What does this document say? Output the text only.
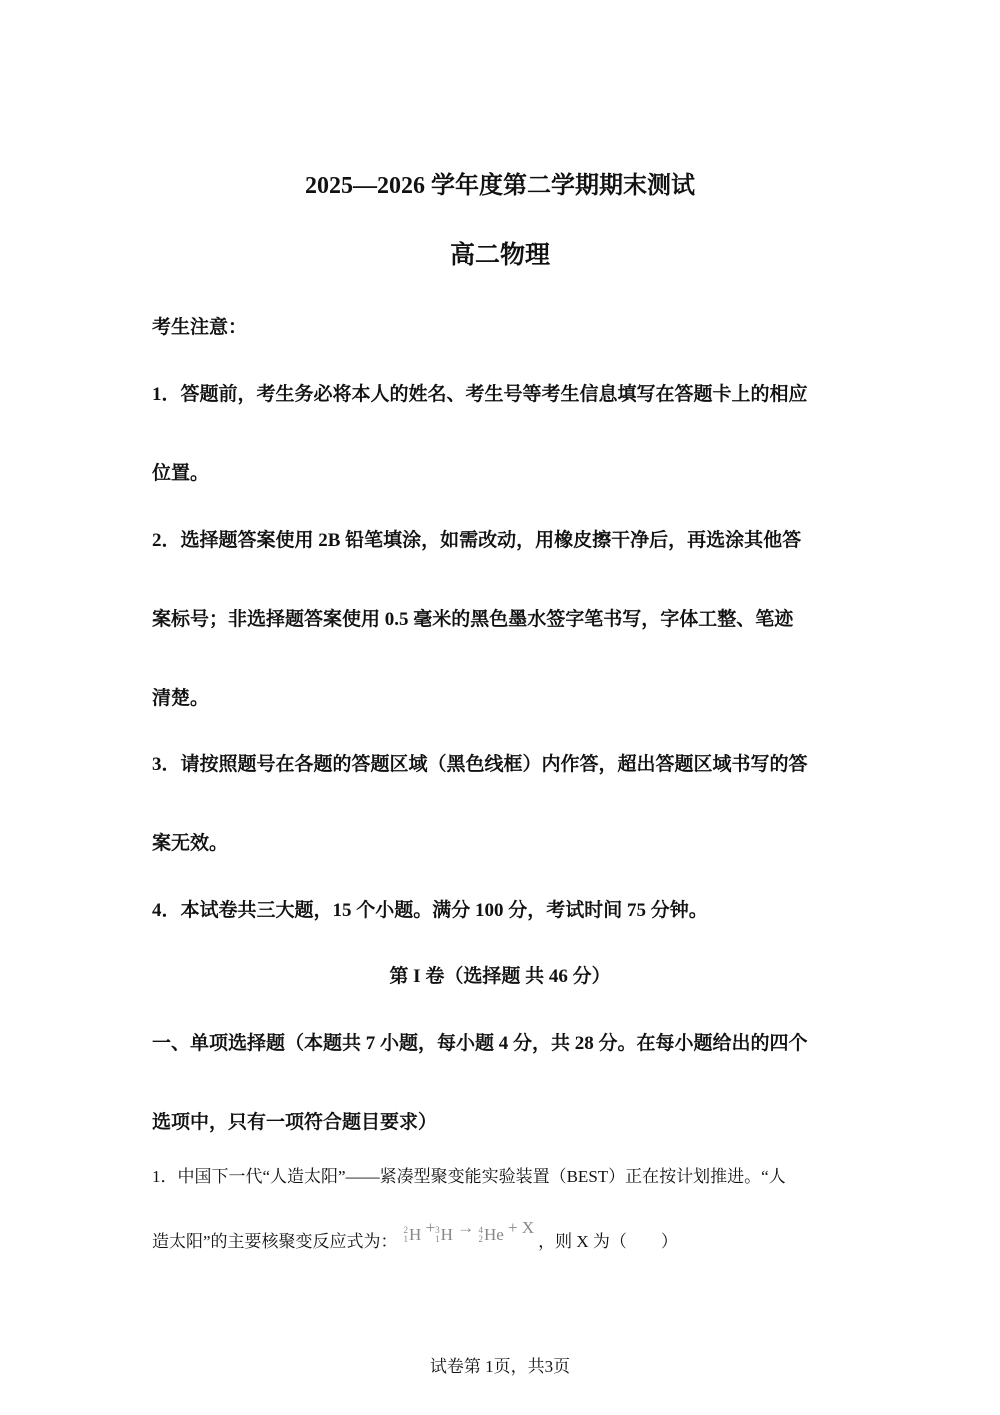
2025—2026 学年度第二学期期末测试
高二物理
考生注意：
1．答题前，考生务必将本人的姓名、考生号等考生信息填写在答题卡上的相应
位置。
2．选择题答案使用 2B 铅笔填涂，如需改动，用橡皮擦干净后，再选涂其他答
案标号；非选择题答案使用 0.5 毫米的黑色墨水签字笔书写，字体工整、笔迹
清楚。
3．请按照题号在各题的答题区域（黑色线框）内作答，超出答题区域书写的答
案无效。
4．本试卷共三大题，15 个小题。满分 100 分，考试时间 75 分钟。
第 I 卷（选择题 共 46 分）
一、单项选择题（本题共 7 小题，每小题 4 分，共 28 分。在每小题给出的四个
选项中，只有一项符合题目要求）
1．中国下一代“人造太阳”——紧凑型聚变能实验装置（BEST）正在按计划推进。“人
造太阳”的主要核聚变反应式为：
2
1 H + 3
1 H → 4
2 He + X，则 X 为（　　）
试卷第 1页，共3页
